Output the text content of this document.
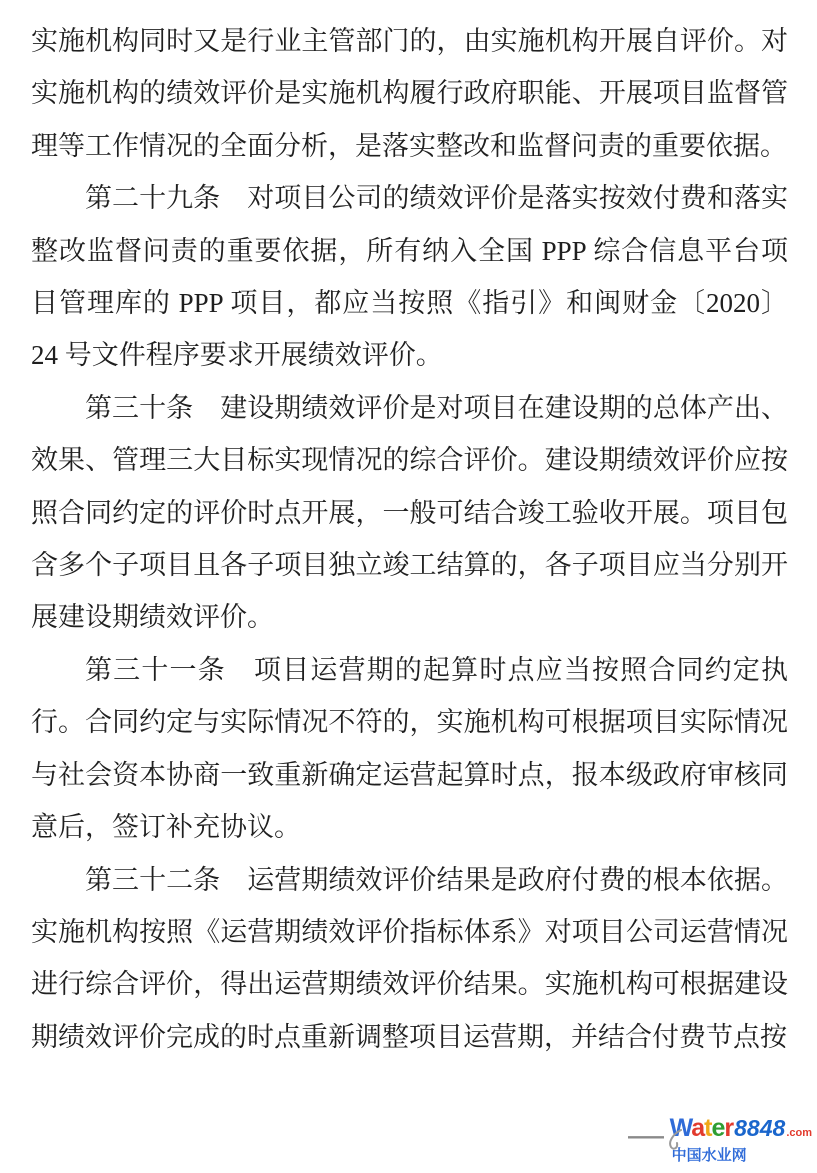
实施机构同时又是行业主管部门的，由实施机构开展自评价。对实施机构的绩效评价是实施机构履行政府职能、开展项目监督管理等工作情况的全面分析，是落实整改和监督问责的重要依据。

第二十九条　对项目公司的绩效评价是落实按效付费和落实整改监督问责的重要依据，所有纳入全国 PPP 综合信息平台项目管理库的 PPP 项目，都应当按照《指引》和闽财金〔2020〕24 号文件程序要求开展绩效评价。

第三十条　建设期绩效评价是对项目在建设期的总体产出、效果、管理三大目标实现情况的综合评价。建设期绩效评价应按照合同约定的评价时点开展，一般可结合竣工验收开展。项目包含多个子项目且各子项目独立竣工结算的，各子项目应当分别开展建设期绩效评价。

第三十一条　项目运营期的起算时点应当按照合同约定执行。合同约定与实际情况不符的，实施机构可根据项目实际情况与社会资本协商一致重新确定运营起算时点，报本级政府审核同意后，签订补充协议。

第三十二条　运营期绩效评价结果是政府付费的根本依据。实施机构按照《运营期绩效评价指标体系》对项目公司运营情况进行综合评价，得出运营期绩效评价结果。实施机构可根据建设期绩效评价完成的时点重新调整项目运营期，并结合付费节点按

— Water 8848 .com
中国水业网
